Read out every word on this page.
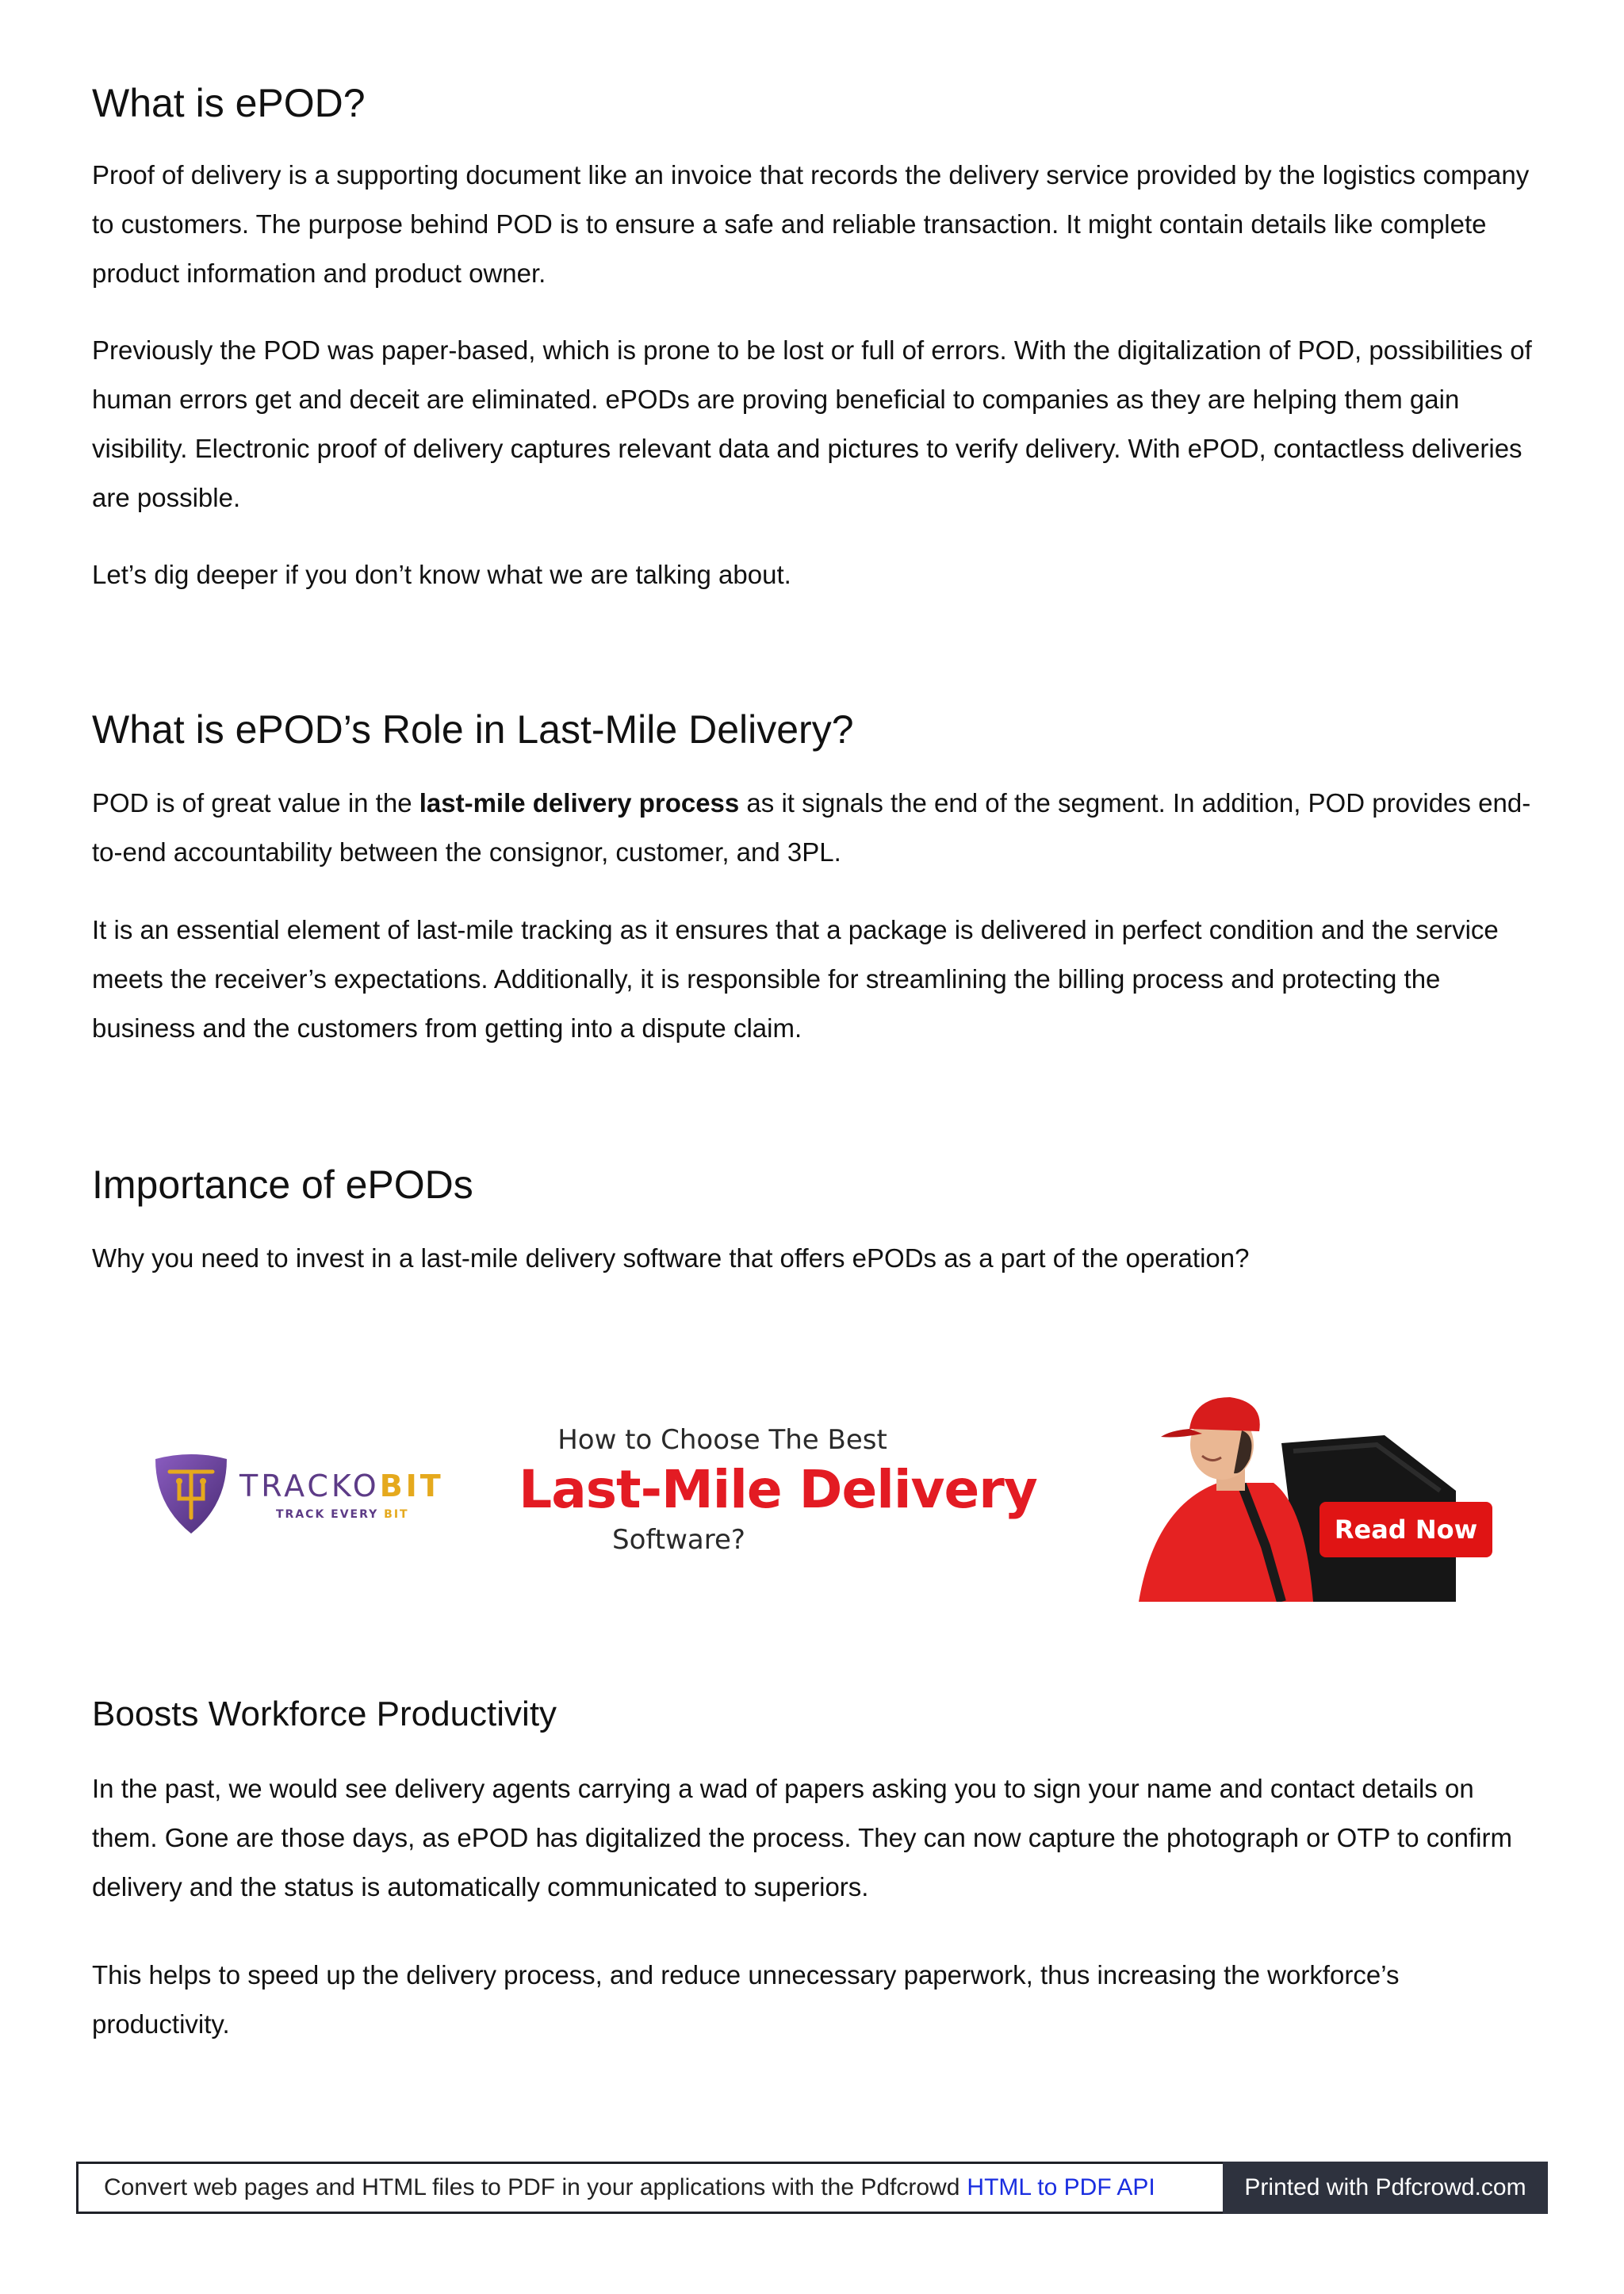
What is ePOD?

Proof of delivery is a supporting document like an invoice that records the delivery service provided by the logistics company to customers. The purpose behind POD is to ensure a safe and reliable transaction. It might contain details like complete product information and product owner.

Previously the POD was paper-based, which is prone to be lost or full of errors. With the digitalization of POD, possibilities of human errors get and deceit are eliminated. ePODs are proving beneficial to companies as they are helping them gain visibility. Electronic proof of delivery captures relevant data and pictures to verify delivery. With ePOD, contactless deliveries are possible.

Let’s dig deeper if you don’t know what we are talking about.

What is ePOD’s Role in Last-Mile Delivery?

POD is of great value in the last-mile delivery process as it signals the end of the segment. In addition, POD provides end-to-end accountability between the consignor, customer, and 3PL.

It is an essential element of last-mile tracking as it ensures that a package is delivered in perfect condition and the service meets the receiver’s expectations. Additionally, it is responsible for streamlining the billing process and protecting the business and the customers from getting into a dispute claim.

Importance of ePODs

Why you need to invest in a last-mile delivery software that offers ePODs as a part of the operation?

Boosts Workforce Productivity

In the past, we would see delivery agents carrying a wad of papers asking you to sign your name and contact details on them. Gone are those days, as ePOD has digitalized the process. They can now capture the photograph or OTP to confirm delivery and the status is automatically communicated to superiors.

This helps to speed up the delivery process, and reduce unnecessary paperwork, thus increasing the workforce’s productivity.

TRACKOBIT
TRACK EVERY BIT
How to Choose The Best
Last-Mile Delivery
Software?	Read Now
Convert web pages and HTML files to PDF in your applications with the Pdfcrowd HTML to PDF API	Printed with Pdfcrowd.com
